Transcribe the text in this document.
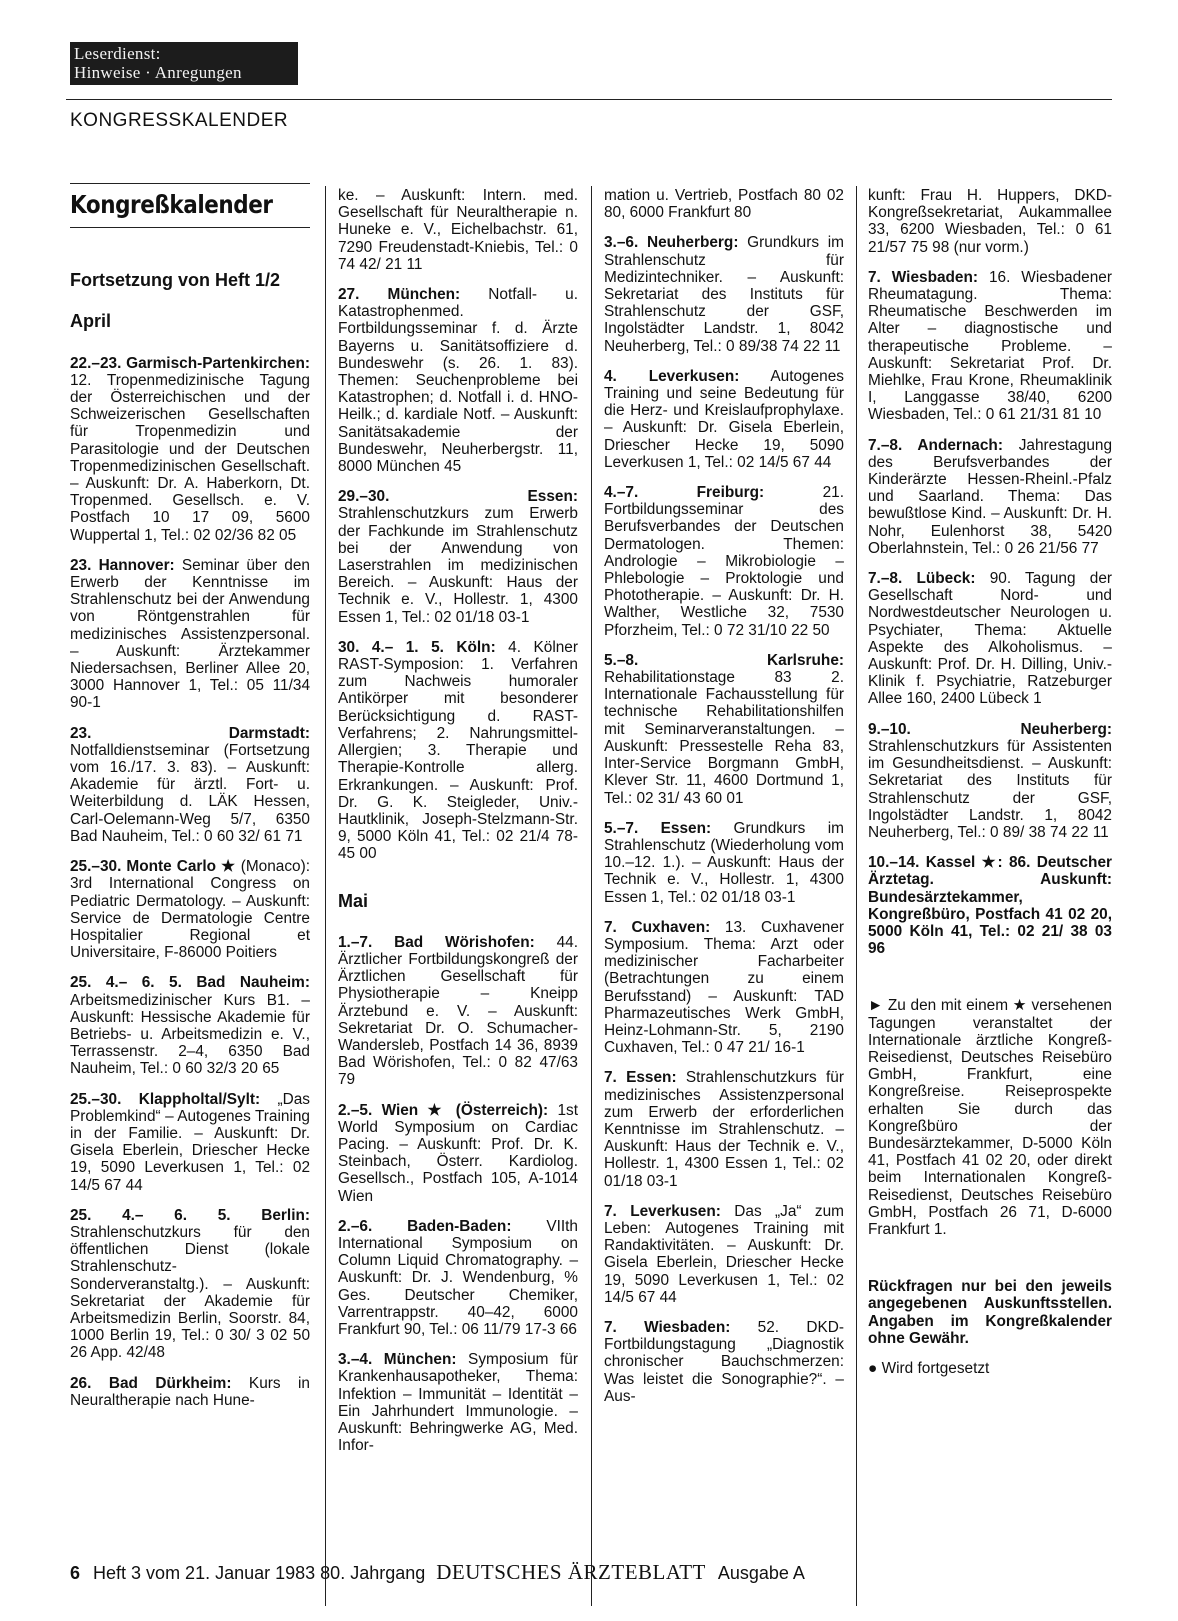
Leserdienst:
Hinweise · Anregungen
KONGRESSKALENDER
Kongreßkalender
Fortsetzung von Heft 1/2
April

22.–23. Garmisch-Partenkirchen: 12. Tropenmedizinische Tagung der Österreichischen und der Schweizerischen Gesellschaften für Tropenmedizin und Parasitologie und der Deutschen Tropenmedizinischen Gesellschaft. – Auskunft: Dr. A. Haberkorn, Dt. Tropenmed. Gesellsch. e. V. Postfach 10 17 09, 5600 Wuppertal 1, Tel.: 02 02/36 82 05

23. Hannover: Seminar über den Erwerb der Kenntnisse im Strahlenschutz bei der Anwendung von Röntgenstrahlen für medizinisches Assistenzpersonal. – Auskunft: Ärztekammer Niedersachsen, Berliner Allee 20, 3000 Hannover 1, Tel.: 05 11/34 90-1

23. Darmstadt: Notfalldienstseminar (Fortsetzung vom 16./17. 3. 83). – Auskunft: Akademie für ärztl. Fort- u. Weiterbildung d. LÄK Hessen, Carl-Oelemann-Weg 5/7, 6350 Bad Nauheim, Tel.: 0 60 32/ 61 71

25.–30. Monte Carlo ★ (Monaco): 3rd International Congress on Pediatric Dermatology. – Auskunft: Service de Dermatologie Centre Hospitalier Regional et Universitaire, F-86000 Poitiers

25. 4.– 6. 5. Bad Nauheim: Arbeitsmedizinischer Kurs B1. – Auskunft: Hessische Akademie für Betriebs- u. Arbeitsmedizin e. V., Terrassenstr. 2–4, 6350 Bad Nauheim, Tel.: 0 60 32/3 20 65

25.–30. Klappholtal/Sylt: „Das Problemkind“ – Autogenes Training in der Familie. – Auskunft: Dr. Gisela Eberlein, Driescher Hecke 19, 5090 Leverkusen 1, Tel.: 02 14/5 67 44

25. 4.– 6. 5. Berlin: Strahlenschutzkurs für den öffentlichen Dienst (lokale Strahlenschutz-Sonderveranstaltg.). – Auskunft: Sekretariat der Akademie für Arbeitsmedizin Berlin, Soorstr. 84, 1000 Berlin 19, Tel.: 0 30/ 3 02 50 26 App. 42/48

26. Bad Dürkheim: Kurs in Neuraltherapie nach Hune-

ke. – Auskunft: Intern. med. Gesellschaft für Neuraltherapie n. Huneke e. V., Eichelbachstr. 61, 7290 Freudenstadt-Kniebis, Tel.: 0 74 42/ 21 11

27. München: Notfall- u. Katastrophenmed. Fortbildungsseminar f. d. Ärzte Bayerns u. Sanitätsoffiziere d. Bundeswehr (s. 26. 1. 83). Themen: Seuchenprobleme bei Katastrophen; d. Notfall i. d. HNO-Heilk.; d. kardiale Notf. – Auskunft: Sanitätsakademie der Bundeswehr, Neuherbergstr. 11, 8000 München 45

29.–30. Essen: Strahlenschutzkurs zum Erwerb der Fachkunde im Strahlenschutz bei der Anwendung von Laserstrahlen im medizinischen Bereich. – Auskunft: Haus der Technik e. V., Hollestr. 1, 4300 Essen 1, Tel.: 02 01/18 03-1

30. 4.– 1. 5. Köln: 4. Kölner RAST-Symposion: 1. Verfahren zum Nachweis humoraler Antikörper mit besonderer Berücksichtigung d. RAST-Verfahrens; 2. Nahrungsmittel-Allergien; 3. Therapie und Therapie-Kontrolle allerg. Erkrankungen. – Auskunft: Prof. Dr. G. K. Steigleder, Univ.-Hautklinik, Joseph-Stelzmann-Str. 9, 5000 Köln 41, Tel.: 02 21/4 78-45 00

Mai

1.–7. Bad Wörishofen: 44. Ärztlicher Fortbildungskongreß der Ärztlichen Gesellschaft für Physiotherapie – Kneipp Ärztebund e. V. – Auskunft: Sekretariat Dr. O. Schumacher-Wandersleb, Postfach 14 36, 8939 Bad Wörishofen, Tel.: 0 82 47/63 79

2.–5. Wien ★ (Österreich): 1st World Symposium on Cardiac Pacing. – Auskunft: Prof. Dr. K. Steinbach, Österr. Kardiolog. Gesellsch., Postfach 105, A-1014 Wien

2.–6. Baden-Baden: VIIth International Symposium on Column Liquid Chromatography. – Auskunft: Dr. J. Wendenburg, % Ges. Deutscher Chemiker, Varrentrappstr. 40–42, 6000 Frankfurt 90, Tel.: 06 11/79 17-3 66

3.–4. München: Symposium für Krankenhausapotheker, Thema: Infektion – Immunität – Identität – Ein Jahrhundert Immunologie. – Auskunft: Behringwerke AG, Med. Infor-

mation u. Vertrieb, Postfach 80 02 80, 6000 Frankfurt 80

3.–6. Neuherberg: Grundkurs im Strahlenschutz für Medizintechniker. – Auskunft: Sekretariat des Instituts für Strahlenschutz der GSF, Ingolstädter Landstr. 1, 8042 Neuherberg, Tel.: 0 89/38 74 22 11

4. Leverkusen: Autogenes Training und seine Bedeutung für die Herz- und Kreislaufprophylaxe. – Auskunft: Dr. Gisela Eberlein, Driescher Hecke 19, 5090 Leverkusen 1, Tel.: 02 14/5 67 44

4.–7. Freiburg: 21. Fortbildungsseminar des Berufsverbandes der Deutschen Dermatologen. Themen: Andrologie – Mikrobiologie – Phlebologie – Proktologie und Phototherapie. – Auskunft: Dr. H. Walther, Westliche 32, 7530 Pforzheim, Tel.: 0 72 31/10 22 50

5.–8. Karlsruhe: Rehabilitationstage 83 2. Internationale Fachausstellung für technische Rehabilitationshilfen mit Seminarveranstaltungen. – Auskunft: Pressestelle Reha 83, Inter-Service Borgmann GmbH, Klever Str. 11, 4600 Dortmund 1, Tel.: 02 31/ 43 60 01

5.–7. Essen: Grundkurs im Strahlenschutz (Wiederholung vom 10.–12. 1.). – Auskunft: Haus der Technik e. V., Hollestr. 1, 4300 Essen 1, Tel.: 02 01/18 03-1

7. Cuxhaven: 13. Cuxhavener Symposium. Thema: Arzt oder medizinischer Facharbeiter (Betrachtungen zu einem Berufsstand) – Auskunft: TAD Pharmazeutisches Werk GmbH, Heinz-Lohmann-Str. 5, 2190 Cuxhaven, Tel.: 0 47 21/ 16-1

7. Essen: Strahlenschutzkurs für medizinisches Assistenzpersonal zum Erwerb der erforderlichen Kenntnisse im Strahlenschutz. – Auskunft: Haus der Technik e. V., Hollestr. 1, 4300 Essen 1, Tel.: 02 01/18 03-1

7. Leverkusen: Das „Ja“ zum Leben: Autogenes Training mit Randaktivitäten. – Auskunft: Dr. Gisela Eberlein, Driescher Hecke 19, 5090 Leverkusen 1, Tel.: 02 14/5 67 44

7. Wiesbaden: 52. DKD-Fortbildungstagung „Diagnostik chronischer Bauchschmerzen: Was leistet die Sonographie?“. – Aus-

kunft: Frau H. Huppers, DKD-Kongreßsekretariat, Aukammallee 33, 6200 Wiesbaden, Tel.: 0 61 21/57 75 98 (nur vorm.)

7. Wiesbaden: 16. Wiesbadener Rheumatagung. Thema: Rheumatische Beschwerden im Alter – diagnostische und therapeutische Probleme. – Auskunft: Sekretariat Prof. Dr. Miehlke, Frau Krone, Rheumaklinik I, Langgasse 38/40, 6200 Wiesbaden, Tel.: 0 61 21/31 81 10

7.–8. Andernach: Jahrestagung des Berufsverbandes der Kinderärzte Hessen-Rheinl.-Pfalz und Saarland. Thema: Das bewußtlose Kind. – Auskunft: Dr. H. Nohr, Eulenhorst 38, 5420 Oberlahnstein, Tel.: 0 26 21/56 77

7.–8. Lübeck: 90. Tagung der Gesellschaft Nord- und Nordwestdeutscher Neurologen u. Psychiater, Thema: Aktuelle Aspekte des Alkoholismus. – Auskunft: Prof. Dr. H. Dilling, Univ.-Klinik f. Psychiatrie, Ratzeburger Allee 160, 2400 Lübeck 1

9.–10. Neuherberg: Strahlenschutzkurs für Assistenten im Gesundheitsdienst. – Auskunft: Sekretariat des Instituts für Strahlenschutz der GSF, Ingolstädter Landstr. 1, 8042 Neuherberg, Tel.: 0 89/ 38 74 22 11

10.–14. Kassel ★: 86. Deutscher Ärztetag. Auskunft: Bundesärztekammer, Kongreßbüro, Postfach 41 02 20, 5000 Köln 41, Tel.: 02 21/ 38 03 96

► Zu den mit einem ★ versehenen Tagungen veranstaltet der Internationale ärztliche Kongreß-Reisedienst, Deutsches Reisebüro GmbH, Frankfurt, eine Kongreßreise. Reiseprospekte erhalten Sie durch das Kongreßbüro der Bundesärztekammer, D-5000 Köln 41, Postfach 41 02 20, oder direkt beim Internationalen Kongreß-Reisedienst, Deutsches Reisebüro GmbH, Postfach 26 71, D-6000 Frankfurt 1.

Rückfragen nur bei den jeweils angegebenen Auskunftsstellen. Angaben im Kongreßkalender ohne Gewähr.

● Wird fortgesetzt

6 Heft 3 vom 21. Januar 1983 80. Jahrgang DEUTSCHES ÄRZTEBLATT Ausgabe A
